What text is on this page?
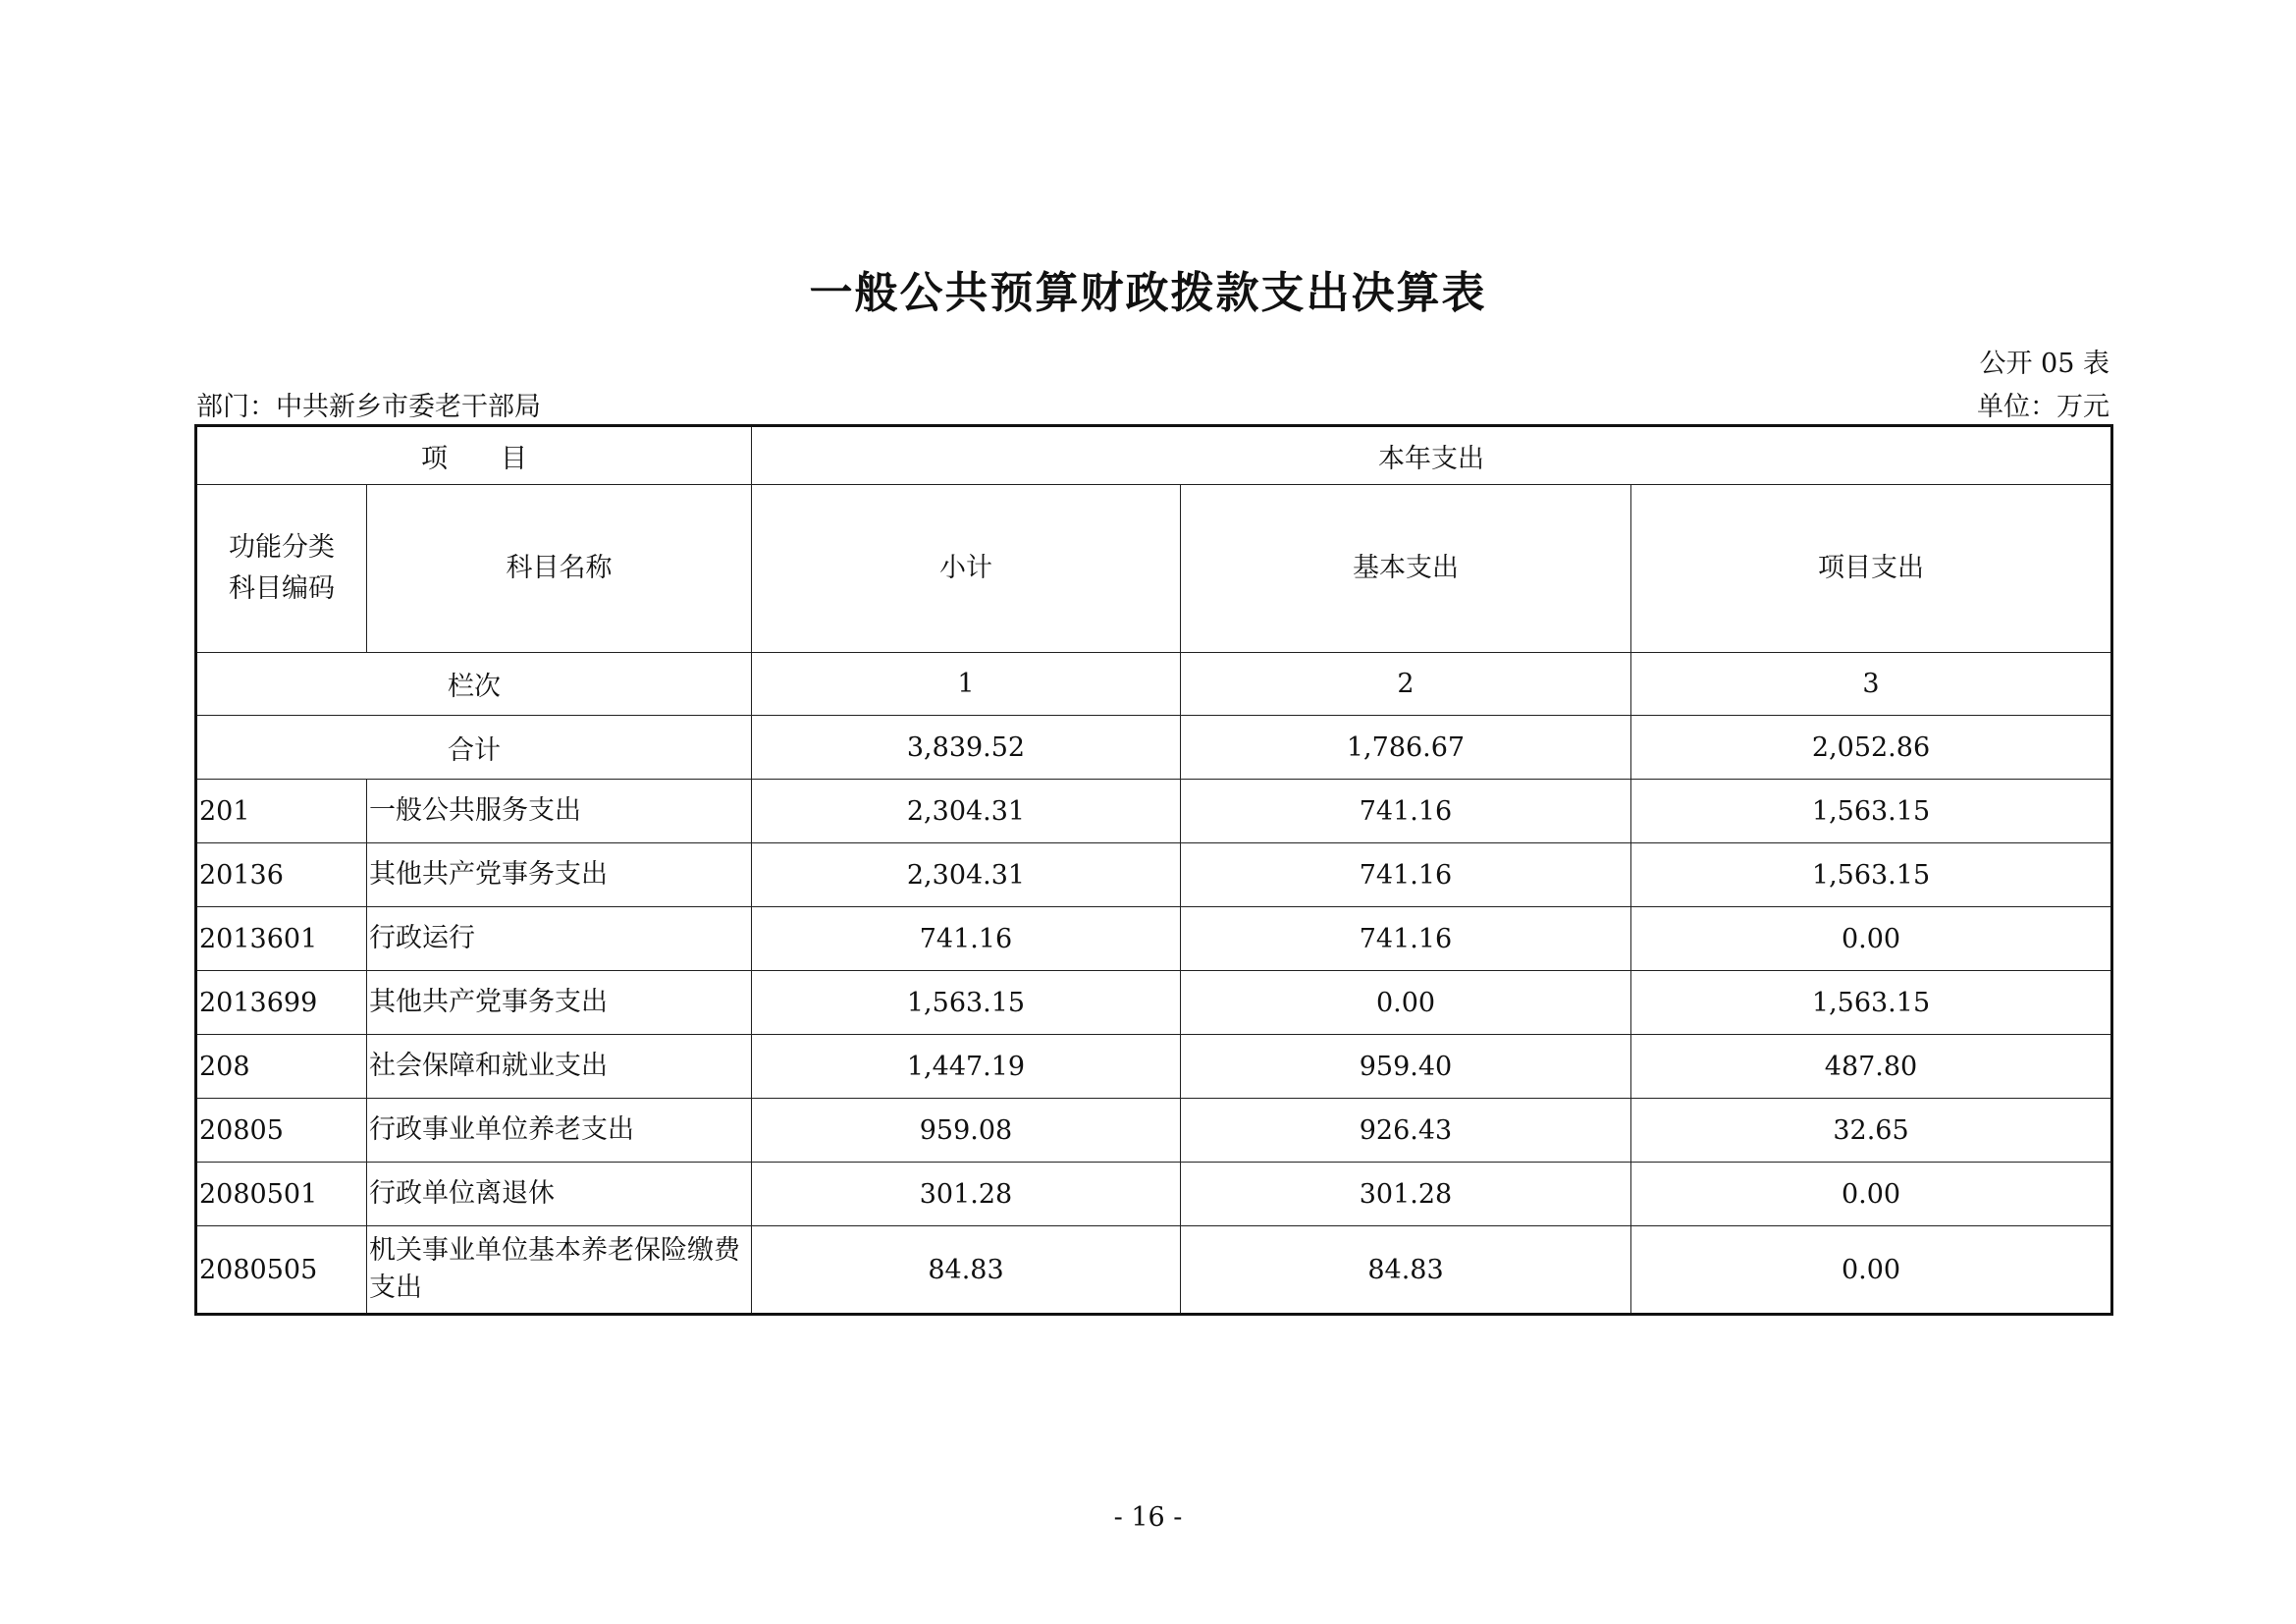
一般公共预算财政拨款支出决算表
公开 05 表
部门：中共新乡市委老干部局	单位：万元
项　　目		本年支出		

功能分类科目编码	科目名称	小计	基本支出	项目支出
栏次		1	2	3
合计		3,839.52	1,786.67	2,052.86
201	一般公共服务支出	2,304.31	741.16	1,563.15
20136	其他共产党事务支出	2,304.31	741.16	1,563.15
2013601	行政运行	741.16	741.16	0.00
2013699	其他共产党事务支出	1,563.15	0.00	1,563.15
208	社会保障和就业支出	1,447.19	959.40	487.80
20805	行政事业单位养老支出	959.08	926.43	32.65
2080501	行政单位离退休	301.28	301.28	0.00
2080505	机关事业单位基本养老保险缴费支出	84.83	84.83	0.00
- 16 -
